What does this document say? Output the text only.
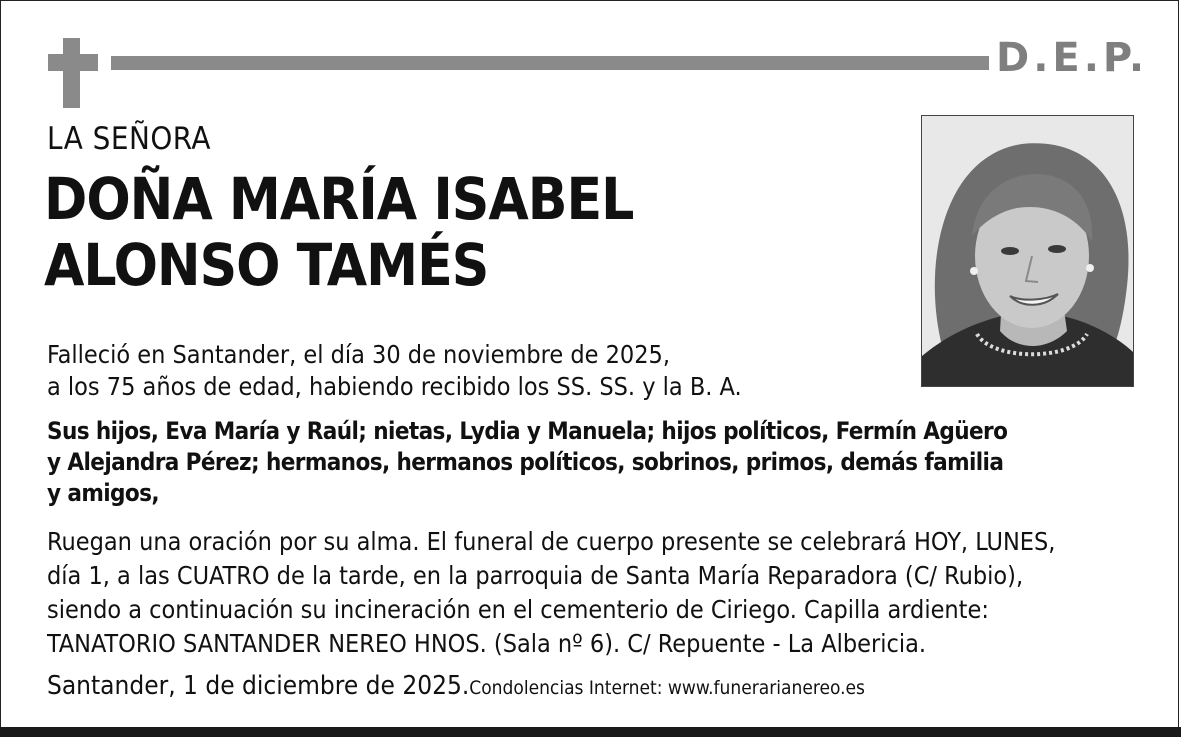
D.E.P.
LA SEÑORA
DOÑA MARÍA ISABEL
ALONSO TAMÉS
Falleció en Santander, el día 30 de noviembre de 2025,
a los 75 años de edad, habiendo recibido los SS. SS. y la B. A.
Sus hijos, Eva María y Raúl; nietas, Lydia y Manuela; hijos políticos, Fermín Agüero
y Alejandra Pérez; hermanos, hermanos políticos, sobrinos, primos, demás familia
y amigos,
Ruegan una oración por su alma. El funeral de cuerpo presente se celebrará HOY, LUNES,
día 1, a las CUATRO de la tarde, en la parroquia de Santa María Reparadora (C/ Rubio),
siendo a continuación su incineración en el cementerio de Ciriego. Capilla ardiente:
TANATORIO SANTANDER NEREO HNOS. (Sala nº 6). C/ Repuente - La Albericia.
Santander, 1 de diciembre de 2025.Condolencias Internet: www.funerarianereo.es
